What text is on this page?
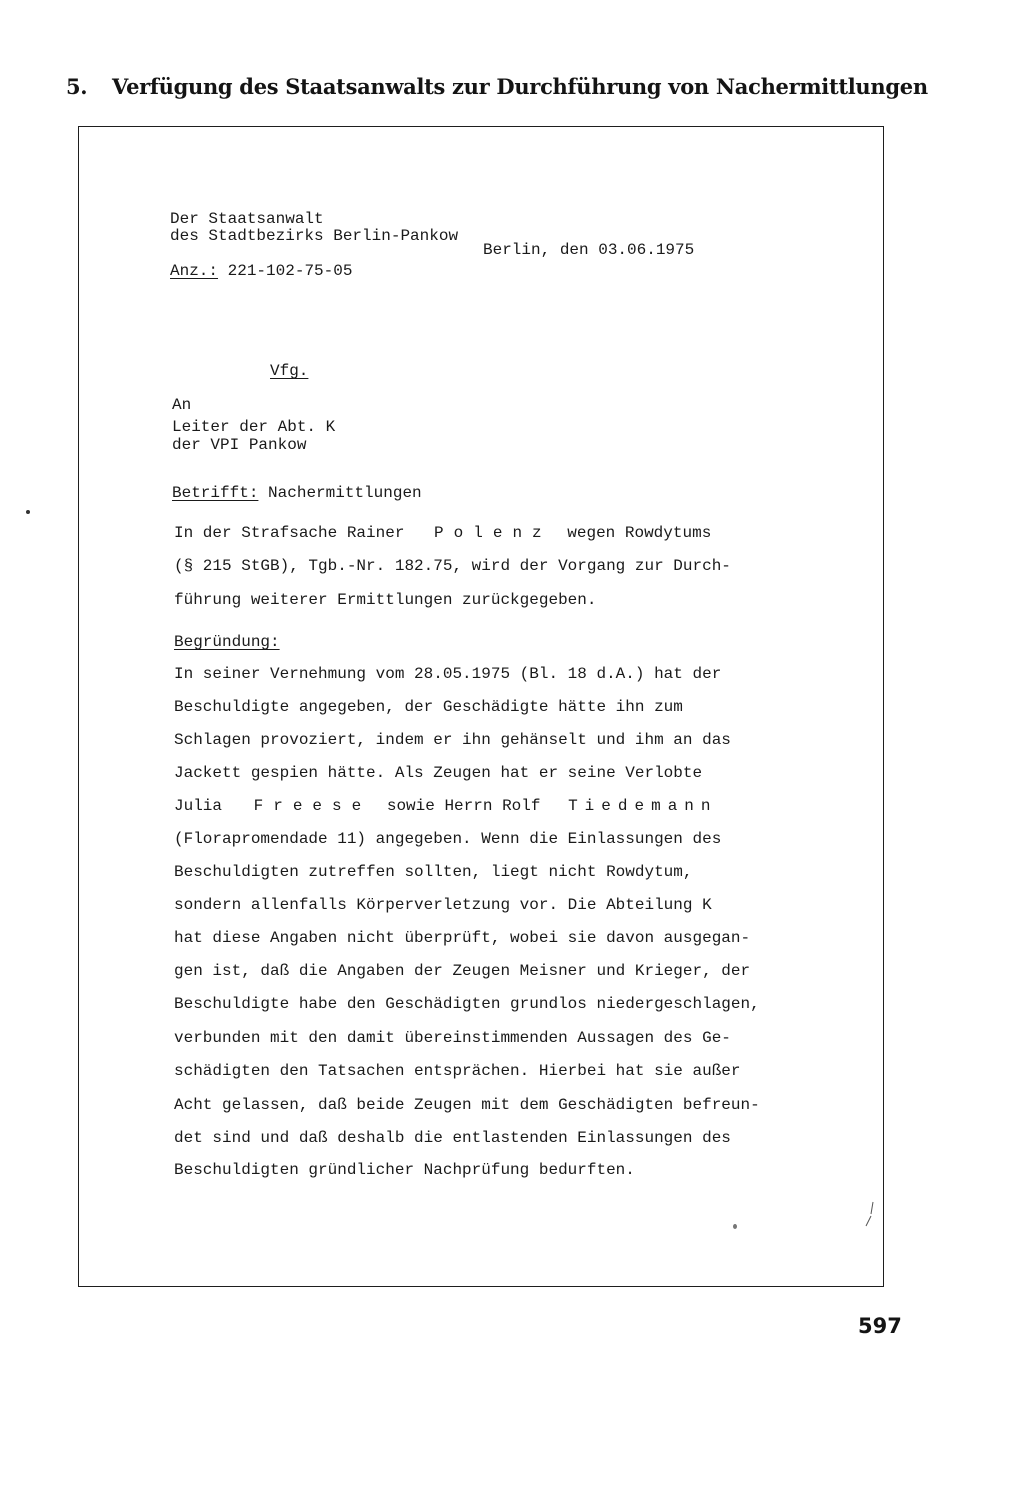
5. Verfügung des Staatsanwalts zur Durchführung von Nachermittlungen
Der Staatsanwalt
des Stadtbezirks Berlin-Pankow
Berlin, den 03.06.1975
Anz.: 221-102-75-05
Vfg.
An
Leiter der Abt. K
der VPI Pankow
Betrifft: Nachermittlungen
In der Strafsache Rainer Polenz wegen Rowdytums
(§ 215 StGB), Tgb.-Nr. 182.75, wird der Vorgang zur Durch-
führung weiterer Ermittlungen zurückgegeben.
Begründung:
In seiner Vernehmung vom 28.05.1975 (Bl. 18 d.A.) hat der
Beschuldigte angegeben, der Geschädigte hätte ihn zum
Schlagen provoziert, indem er ihn gehänselt und ihm an das
Jackett gespien hätte. Als Zeugen hat er seine Verlobte
Julia Freese sowie Herrn Rolf Tiedemann
(Florapromendade 11) angegeben. Wenn die Einlassungen des
Beschuldigten zutreffen sollten, liegt nicht Rowdytum,
sondern allenfalls Körperverletzung vor. Die Abteilung K
hat diese Angaben nicht überprüft, wobei sie davon ausgegan-
gen ist, daß die Angaben der Zeugen Meisner und Krieger, der
Beschuldigte habe den Geschädigten grundlos niedergeschlagen,
verbunden mit den damit übereinstimmenden Aussagen des Ge-
schädigten den Tatsachen entsprächen. Hierbei hat sie außer
Acht gelassen, daß beide Zeugen mit dem Geschädigten befreun-
det sind und daß deshalb die entlastenden Einlassungen des
Beschuldigten gründlicher Nachprüfung bedurften.
597
